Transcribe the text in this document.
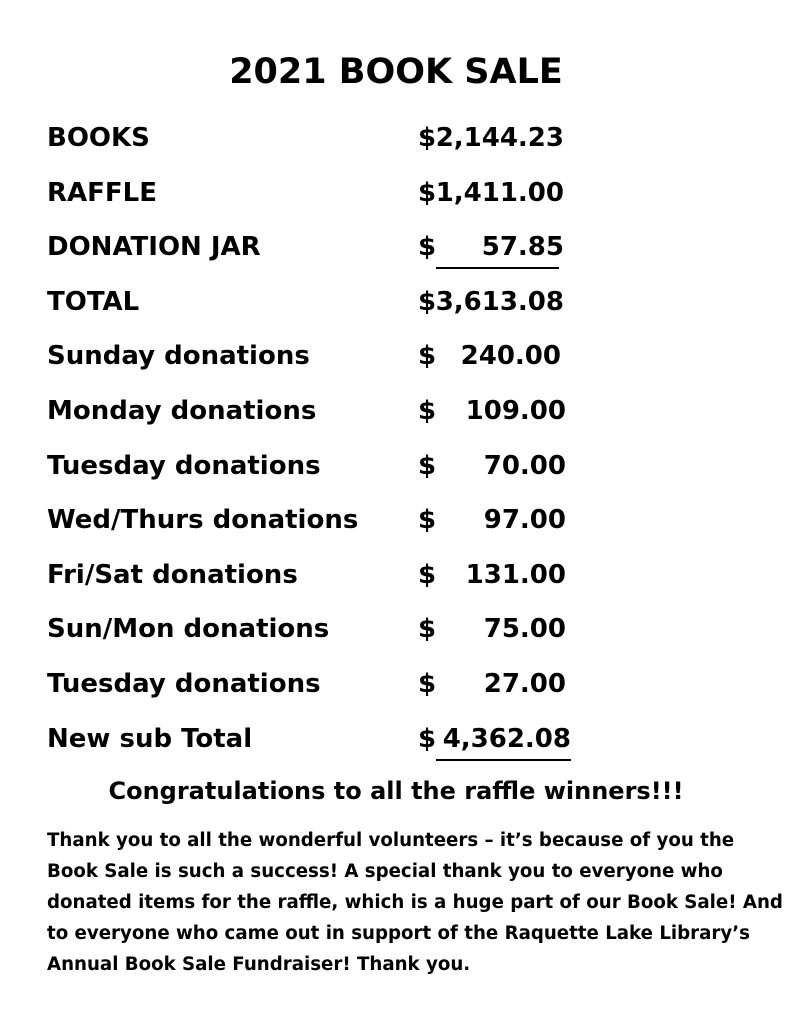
2021 BOOK SALE
BOOKS	$ 2,144.23
RAFFLE	$ 1,411.00
DONATION JAR	$ 57.85
TOTAL	$ 3,613.08
Sunday donations	$ 240.00
Monday donations	$ 109.00
Tuesday donations	$ 70.00
Wed/Thurs donations $ 97.00
Fri/Sat donations	$ 131.00
Sun/Mon donations	$ 75.00
Tuesday donations	$ 27.00
New sub Total	$ 4,362.08
Congratulations to all the raffle winners!!!
Thank you to all the wonderful volunteers – it’s because of you the
Book Sale is such a success! A special thank you to everyone who
donated items for the raffle, which is a huge part of our Book Sale! And
to everyone who came out in support of the Raquette Lake Library’s
Annual Book Sale Fundraiser! Thank you.
